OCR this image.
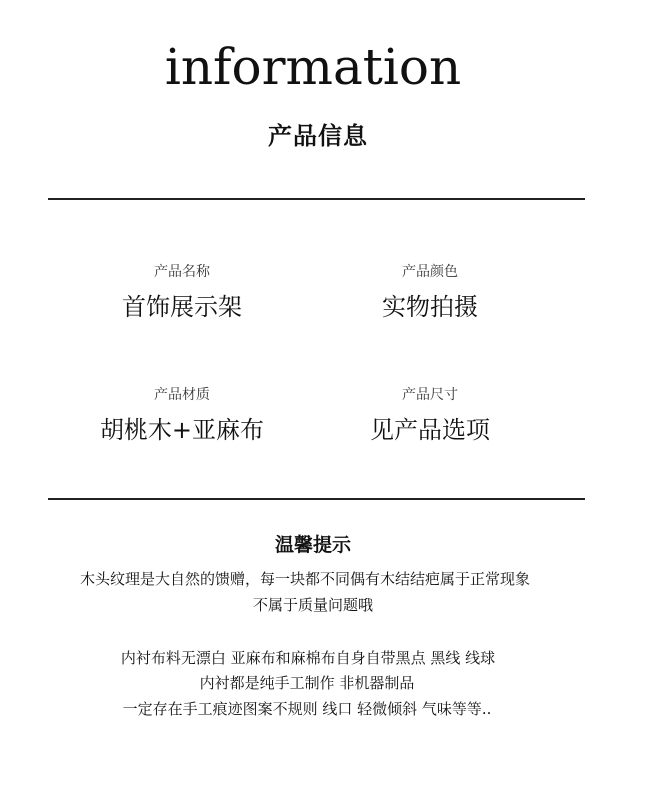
information
产品信息
产品名称
首饰展示架
产品颜色
实物拍摄
产品材质
胡桃木+亚麻布
产品尺寸
见产品选项
温馨提示
木头纹理是大自然的馈赠，每一块都不同偶有木结结疤属于正常现象
不属于质量问题哦
内衬布料无漂白 亚麻布和麻棉布自身自带黑点 黑线 线球
内衬都是纯手工制作 非机器制品
一定存在手工痕迹图案不规则 线口 轻微倾斜 气味等等..
